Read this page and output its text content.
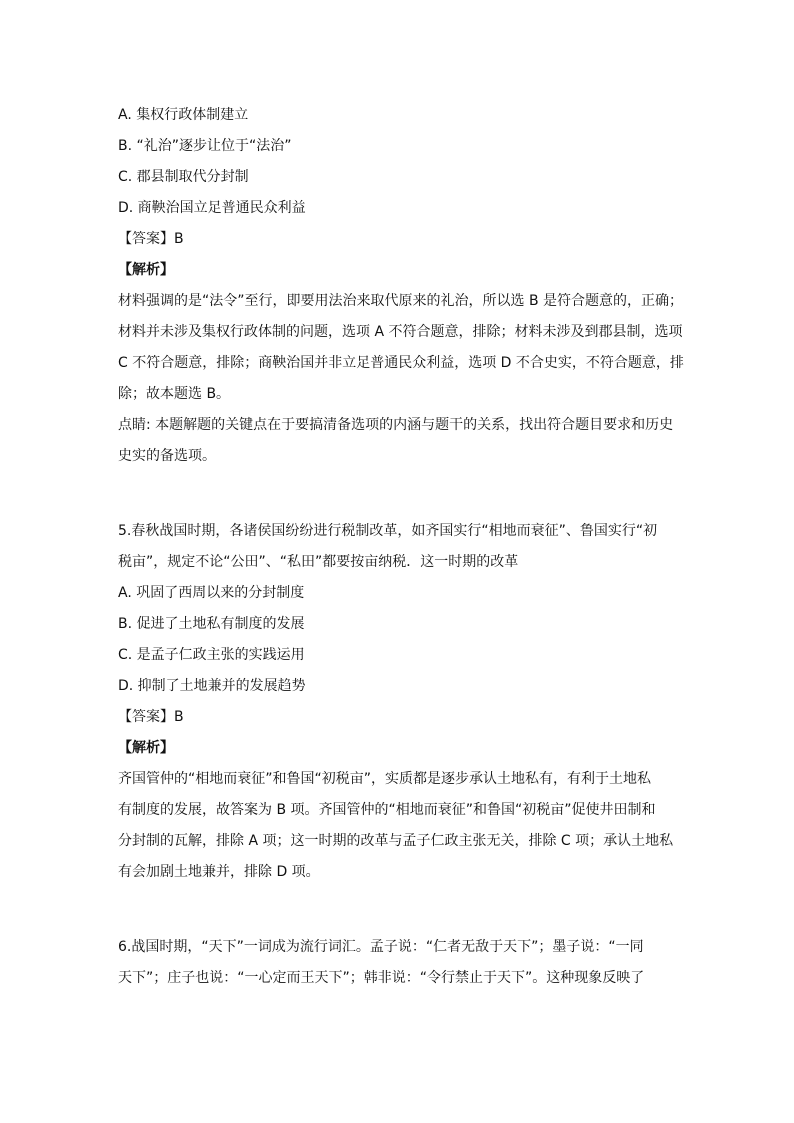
A. 集权行政体制建立
B. “礼治”逐步让位于“法治”
C. 郡县制取代分封制
D. 商鞅治国立足普通民众利益
【答案】B
【解析】
材料强调的是“法令”至行，即要用法治来取代原来的礼治，所以选 B 是符合题意的，正确；
材料并未涉及集权行政体制的问题，选项 A 不符合题意，排除；材料未涉及到郡县制，选项
C 不符合题意，排除；商鞅治国并非立足普通民众利益，选项 D 不合史实，不符合题意，排
除；故本题选 B。
点睛: 本题解题的关键点在于要搞清备选项的内涵与题干的关系，找出符合题目要求和历史
史实的备选项。
5.春秋战国时期，各诸侯国纷纷进行税制改革，如齐国实行“相地而衰征”、鲁国实行“初
税亩”，规定不论“公田”、“私田”都要按亩纳税．这一时期的改革
A. 巩固了西周以来的分封制度
B. 促进了土地私有制度的发展
C. 是孟子仁政主张的实践运用
D. 抑制了土地兼并的发展趋势
【答案】B
【解析】
齐国管仲的“相地而衰征”和鲁国“初税亩”，实质都是逐步承认土地私有，有利于土地私
有制度的发展，故答案为 B 项。齐国管仲的“相地而衰征”和鲁国“初税亩”促使井田制和
分封制的瓦解，排除 A 项；这一时期的改革与孟子仁政主张无关，排除 C 项；承认土地私
有会加剧土地兼并，排除 D 项。
6.战国时期，“天下”一词成为流行词汇。孟子说：“仁者无敌于天下”；墨子说：“一同
天下”；庄子也说：“一心定而王天下”；韩非说：“令行禁止于天下”。这种现象反映了
